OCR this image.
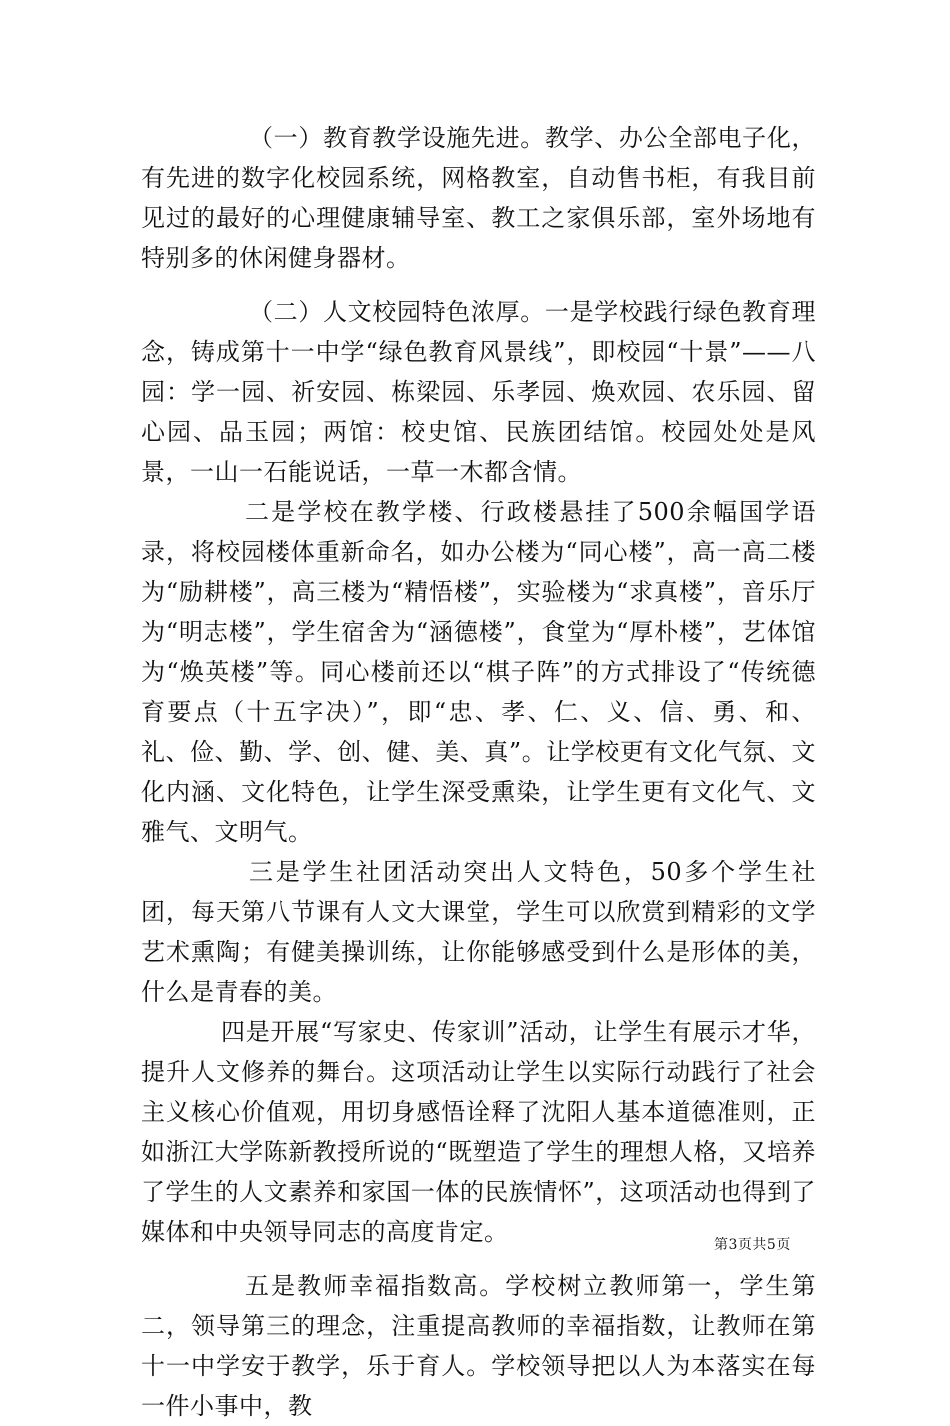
（一）教育教学设施先进。教学、办公全部电子化，有先进的数字化校园系统，网格教室，自动售书柜，有我目前见过的最好的心理健康辅导室、教工之家俱乐部，室外场地有特别多的休闲健身器材。

（二）人文校园特色浓厚。一是学校践行绿色教育理念，铸成第十一中学“绿色教育风景线”，即校园“十景”——八园：学一园、祈安园、栋梁园、乐孝园、焕欢园、农乐园、留心园、品玉园；两馆：校史馆、民族团结馆。校园处处是风景，一山一石能说话，一草一木都含情。

二是学校在教学楼、行政楼悬挂了500余幅国学语录，将校园楼体重新命名，如办公楼为“同心楼”，高一高二楼为“励耕楼”，高三楼为“精悟楼”，实验楼为“求真楼”，音乐厅为“明志楼”，学生宿舍为“涵德楼”，食堂为“厚朴楼”，艺体馆为“焕英楼”等。同心楼前还以“棋子阵”的方式排设了“传统德育要点（十五字决）”，即“忠、孝、仁、义、信、勇、和、礼、俭、勤、学、创、健、美、真”。让学校更有文化气氛、文化内涵、文化特色，让学生深受熏染，让学生更有文化气、文雅气、文明气。

三是学生社团活动突出人文特色，50多个学生社团，每天第八节课有人文大课堂，学生可以欣赏到精彩的文学艺术熏陶；有健美操训练，让你能够感受到什么是形体的美，什么是青春的美。

四是开展“写家史、传家训”活动，让学生有展示才华，提升人文修养的舞台。这项活动让学生以实际行动践行了社会主义核心价值观，用切身感悟诠释了沈阳人基本道德准则，正如浙江大学陈新教授所说的“既塑造了学生的理想人格，又培养了学生的人文素养和家国一体的民族情怀”，这项活动也得到了媒体和中央领导同志的高度肯定。

五是教师幸福指数高。学校树立教师第一，学生第二，领导第三的理念，注重提高教师的幸福指数，让教师在第十一中学安于教学，乐于育人。学校领导把以人为本落实在每一件小事中，教

第3页共5页
